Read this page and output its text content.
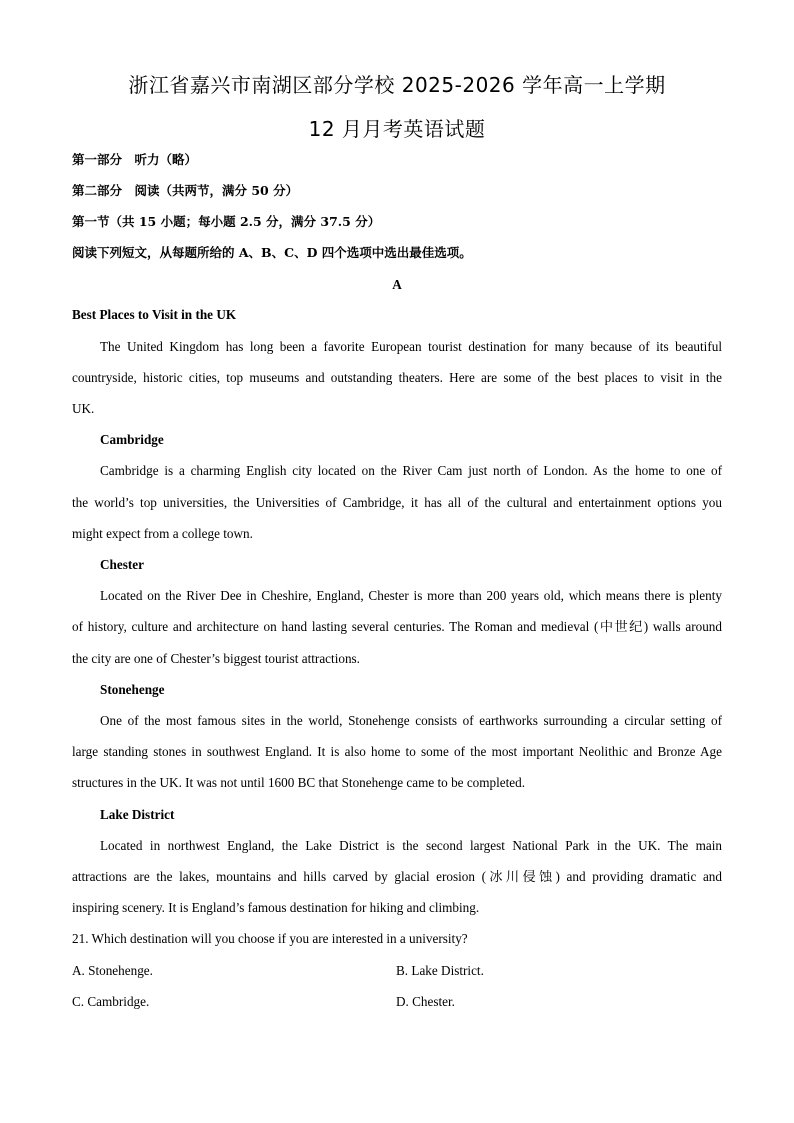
浙江省嘉兴市南湖区部分学校 2025-2026 学年高一上学期
12 月月考英语试题
第一部分　听力（略）
第二部分　阅读（共两节，满分 50 分）
第一节（共 15 小题；每小题 2.5 分，满分 37.5 分）
阅读下列短文，从每题所给的 A、B、C、D 四个选项中选出最佳选项。
A
Best Places to Visit in the UK
The United Kingdom has long been a favorite European tourist destination for many because of its beautiful
countryside, historic cities, top museums and outstanding theaters. Here are some of the best places to visit in the
UK.
Cambridge
Cambridge is a charming English city located on the River Cam just north of London. As the home to one of
the world’s top universities, the Universities of Cambridge, it has all of the cultural and entertainment options you
might expect from a college town.
Chester
Located on the River Dee in Cheshire, England, Chester is more than 200 years old, which means there is plenty
of history, culture and architecture on hand lasting several centuries. The Roman and medieval (中世纪) walls around
the city are one of Chester’s biggest tourist attractions.
Stonehenge
One of the most famous sites in the world, Stonehenge consists of earthworks surrounding a circular setting of
large standing stones in southwest England. It is also home to some of the most important Neolithic and Bronze Age
structures in the UK. It was not until 1600 BC that Stonehenge came to be completed.
Lake District
Located in northwest England, the Lake District is the second largest National Park in the UK. The main
attractions are the lakes, mountains and hills carved by glacial erosion (冰川侵蚀) and providing dramatic and
inspiring scenery. It is England’s famous destination for hiking and climbing.
21. Which destination will you choose if you are interested in a university?
A. Stonehenge.	B. Lake District.
C. Cambridge.	D. Chester.
